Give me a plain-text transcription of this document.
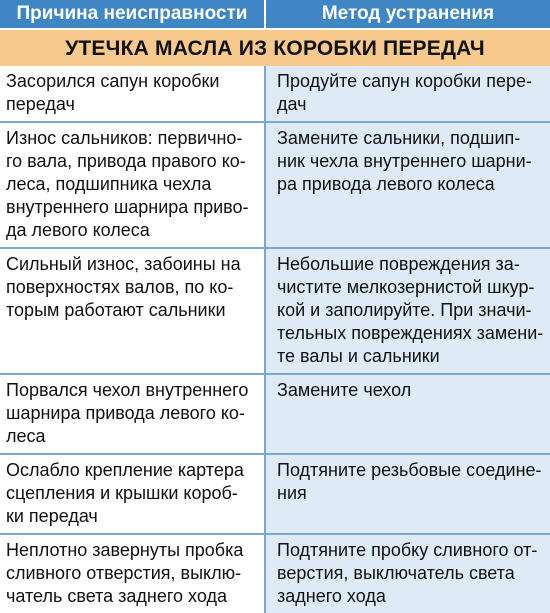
Причина неисправности	Метод устранения
УТЕЧКА МАСЛА ИЗ КОРОБКИ ПЕРЕДАЧ
Засорился сапун коробки
передач
Продуйте сапун коробки пере-
дач
Износ сальников: первично-
го вала, привода правого ко-
леса, подшипника чехла
внутреннего шарнира приво-
да левого колеса
Замените сальники, подшип-
ник чехла внутреннего шарни-
ра привода левого колеса
Сильный износ, забоины на
поверхностях валов, по ко-
торым работают сальники
Небольшие повреждения за-
чистите мелкозернистой шкур-
кой и заполируйте. При значи-
тельных повреждениях замени-
те валы и сальники
Порвался чехол внутреннего
шарнира привода левого ко-
леса
Замените чехол
Ослабло крепление картера
сцепления и крышки короб-
ки передач
Подтяните резьбовые соедине-
ния
Неплотно завернуты пробка
сливного отверстия, выклю-
чатель света заднего хода
Подтяните пробку сливного от-
верстия, выключатель света
заднего хода
